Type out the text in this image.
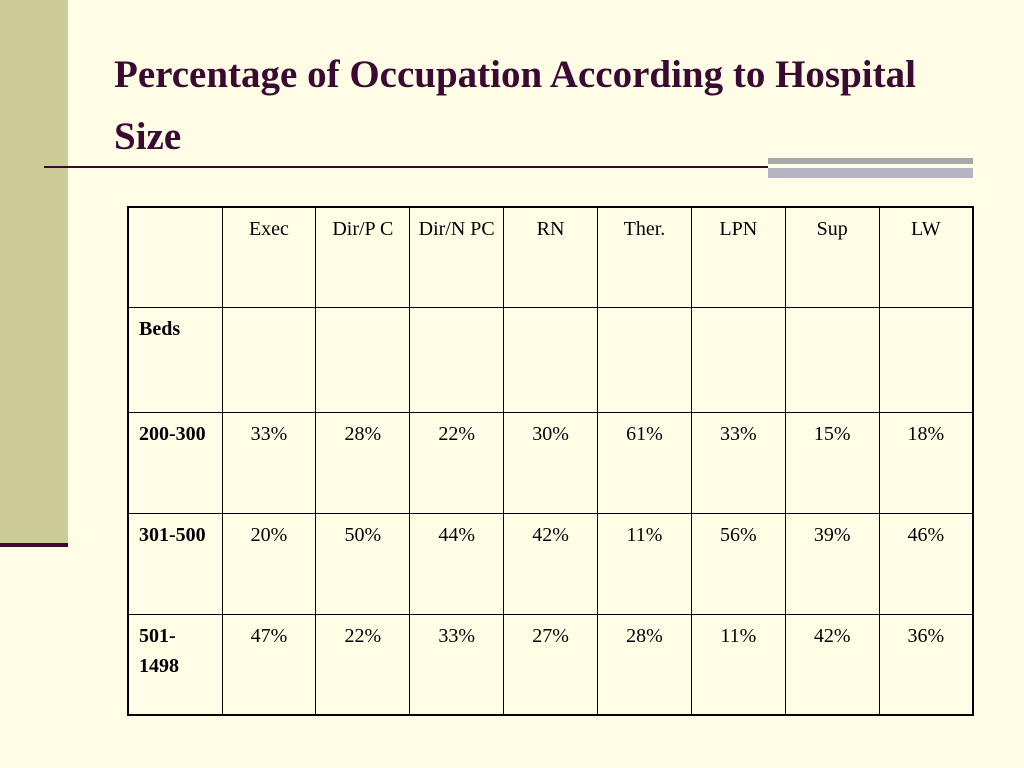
Percentage of Occupation According to Hospital Size
	Exec	Dir/P C	Dir/N PC	RN	Ther.	LPN	Sup	LW
Beds								
200-300	33%	28%	22%	30%	61%	33%	15%	18%
301-500	20%	50%	44%	42%	11%	56%	39%	46%
501-1498	47%	22%	33%	27%	28%	11%	42%	36%
